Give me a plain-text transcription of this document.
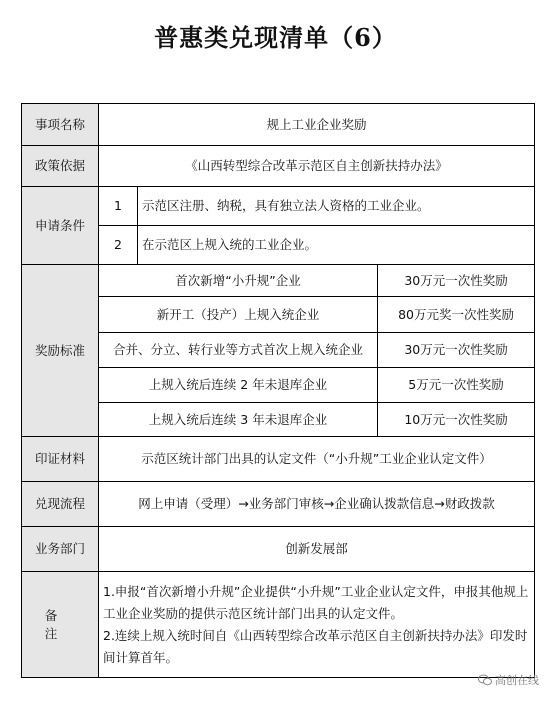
普惠类兑现清单（6）
事项名称	规上工业企业奖励		
政策依据	《山西转型综合改革示范区自主创新扶持办法》		
申请条件	1	示范区注册、纳税，具有独立法人资格的工业企业。	
	2	在示范区上规入统的工业企业。	
奖励标准	首次新增“小升规”企业		30万元一次性奖励
	新开工（投产）上规入统企业		80万元奖一次性奖励
	合并、分立、转行业等方式首次上规入统企业		30万元一次性奖励
	上规入统后连续 2 年未退库企业		5万元一次性奖励
	上规入统后连续 3 年未退库企业		10万元一次性奖励
印证材料	示范区统计部门出具的认定文件（“小升规”工业企业认定文件）		
兑现流程	网上申请（受理）→业务部门审核→企业确认拨款信息→财政拨款		
业务部门	创新发展部		
备 注	1.申报“首次新增小升规”企业提供“小升规”工业企业认定文件，申报其他规上工业企业奖励的提供示范区统计部门出具的认定文件。

2.连续上规入统时间自《山西转型综合改革示范区自主创新扶持办法》印发时间计算首年。		

高创在线
